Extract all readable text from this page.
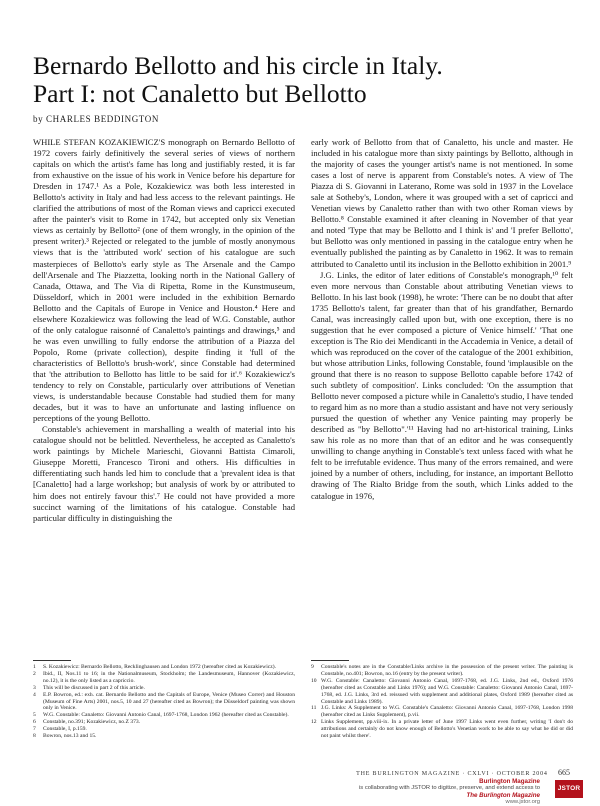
Bernardo Bellotto and his circle in Italy.
Part I: not Canaletto but Bellotto
by CHARLES BEDDINGTON

WHILE STEFAN KOZAKIEWICZ'S monograph on Bernardo Bellotto of 1972 covers fairly definitively the several series of views of northern capitals on which the artist's fame has long and justifiably rested, it is far from exhaustive on the issue of his work in Venice before his departure for Dresden in 1747.¹ As a Pole, Kozakiewicz was both less interested in Bellotto's activity in Italy and had less access to the relevant paintings. He clarified the attributions of most of the Roman views and capricci executed after the painter's visit to Rome in 1742, but accepted only six Venetian views as certainly by Bellotto² (one of them wrongly, in the opinion of the present writer).³ Rejected or relegated to the jumble of mostly anonymous views that is the 'attributed work' section of his catalogue are such masterpieces of Bellotto's early style as The Arsenale and the Campo dell'Arsenale and The Piazzetta, looking north in the National Gallery of Canada, Ottawa, and The Via di Ripetta, Rome in the Kunstmuseum, Düsseldorf, which in 2001 were included in the exhibition Bernardo Bellotto and the Capitals of Europe in Venice and Houston.⁴ Here and elsewhere Kozakiewicz was following the lead of W.G. Constable, author of the only catalogue raisonné of Canaletto's paintings and drawings,⁵ and he was even unwilling to fully endorse the attribution of a Piazza del Popolo, Rome (private collection), despite finding it 'full of the characteristics of Bellotto's brush-work', since Constable had determined that 'the attribution to Bellotto has little to be said for it'.⁶ Kozakiewicz's tendency to rely on Constable, particularly over attributions of Venetian views, is understandable because Constable had studied them for many decades, but it was to have an unfortunate and lasting influence on perceptions of the young Bellotto.

Constable's achievement in marshalling a wealth of material into his catalogue should not be belittled. Nevertheless, he accepted as Canaletto's work paintings by Michele Marieschi, Giovanni Battista Cimaroli, Giuseppe Moretti, Francesco Tironi and others. His difficulties in differentiating such hands led him to conclude that a 'prevalent idea is that [Canaletto] had a large workshop; but analysis of work by or attributed to him does not entirely favour this'.⁷ He could not have provided a more succinct warning of the limitations of his catalogue. Constable had particular difficulty in distinguishing the

early work of Bellotto from that of Canaletto, his uncle and master. He included in his catalogue more than sixty paintings by Bellotto, although in the majority of cases the younger artist's name is not mentioned. In some cases a lost of nerve is apparent from Constable's notes. A view of The Piazza di S. Giovanni in Laterano, Rome was sold in 1937 in the Lovelace sale at Sotheby's, London, where it was grouped with a set of capricci and Venetian views by Canaletto rather than with two other Roman views by Bellotto.⁸ Constable examined it after cleaning in November of that year and noted 'Type that may be Bellotto and I think is' and 'I prefer Bellotto', but Bellotto was only mentioned in passing in the catalogue entry when he eventually published the painting as by Canaletto in 1962. It was to remain attributed to Canaletto until its inclusion in the Bellotto exhibition in 2001.⁹

J.G. Links, the editor of later editions of Constable's monograph,¹⁰ felt even more nervous than Constable about attributing Venetian views to Bellotto. In his last book (1998), he wrote: 'There can be no doubt that after 1735 Bellotto's talent, far greater than that of his grandfather, Bernardo Canal, was increasingly called upon but, with one exception, there is no suggestion that he ever composed a picture of Venice himself.' 'That one exception is The Rio dei Mendicanti in the Accademia in Venice, a detail of which was reproduced on the cover of the catalogue of the 2001 exhibition, but whose attribution Links, following Constable, found 'implausible on the ground that there is no reason to suppose Bellotto capable before 1742 of such subtlety of composition'. Links concluded: 'On the assumption that Bellotto never composed a picture while in Canaletto's studio, I have tended to regard him as no more than a studio assistant and have not very seriously pursued the question of whether any Venice painting may properly be described as "by Bellotto".'¹¹ Having had no art-historical training, Links saw his role as no more than that of an editor and he was consequently unwilling to change anything in Constable's text unless faced with what he felt to be irrefutable evidence. Thus many of the errors remained, and were joined by a number of others, including, for instance, an important Bellotto drawing of The Rialto Bridge from the south, which Links added to the catalogue in 1976,

1 S. Kozakiewicz: Bernardo Bellotto, Recklinghausen and London 1972 (hereafter cited as Kozakiewicz).
2 Ibid., II, Nos.11 to 16; in the Nationalmuseum, Stockholm; the Landesmuseum, Hannover (Kozakiewicz, no.12), it is the only listed as a capriccio.
3 This will be discussed in part 2 of this article.
4 E.P. Bowron, ed.: exh. cat. Bernardo Bellotto and the Capitals of Europe, Venice (Museo Correr) and Houston (Museum of Fine Arts) 2001, nos.5, 10 and 27 (hereafter cited as Bowron); the Düsseldorf painting was shown only in Venice.
5 W.G. Constable: Canaletto: Giovanni Antonio Canal, 1697-1768, London 1962 (hereafter cited as Constable).
6 Constable, no.391; Kozakiewicz, no.Z 373.
7 Constable, I, p.159.
8 Bowron, nos.13 and 15.
9 Constable's notes are in the Constable/Links archive in the possession of the present writer. The painting is Constable, no.401; Bowron, no.16 (entry by the present writer).
10 W.G. Constable: Canaletto: Giovanni Antonio Canal, 1697-1768, ed. J.G. Links, 2nd ed., Oxford 1976 (hereafter cited as Constable and Links 1976); and W.G. Constable: Canaletto: Giovanni Antonio Canal, 1697-1768, ed. J.G. Links, 3rd ed. reissued with supplement and additional plates, Oxford 1989 (hereafter cited as Constable and Links 1989).
11 J.G. Links: A Supplement to W.G. Constable's Canaletto: Giovanni Antonio Canal, 1697-1768, London 1998 (hereafter cited as Links Supplement), p.vii.
12 Links Supplement, pp.viii-ix. In a private letter of June 1997 Links went even further, writing 'I don't do attributions and certainly do not know enough of Bellotto's Venetian work to be able to say what he did or did not paint whilst there'.
THE BURLINGTON MAGAZINE · CXLVI · OCTOBER 2004 665
Burlington Magazine
is collaborating with JSTOR to digitize, preserve, and extend access to
The Burlington Magazine
www.jstor.org
JSTOR
